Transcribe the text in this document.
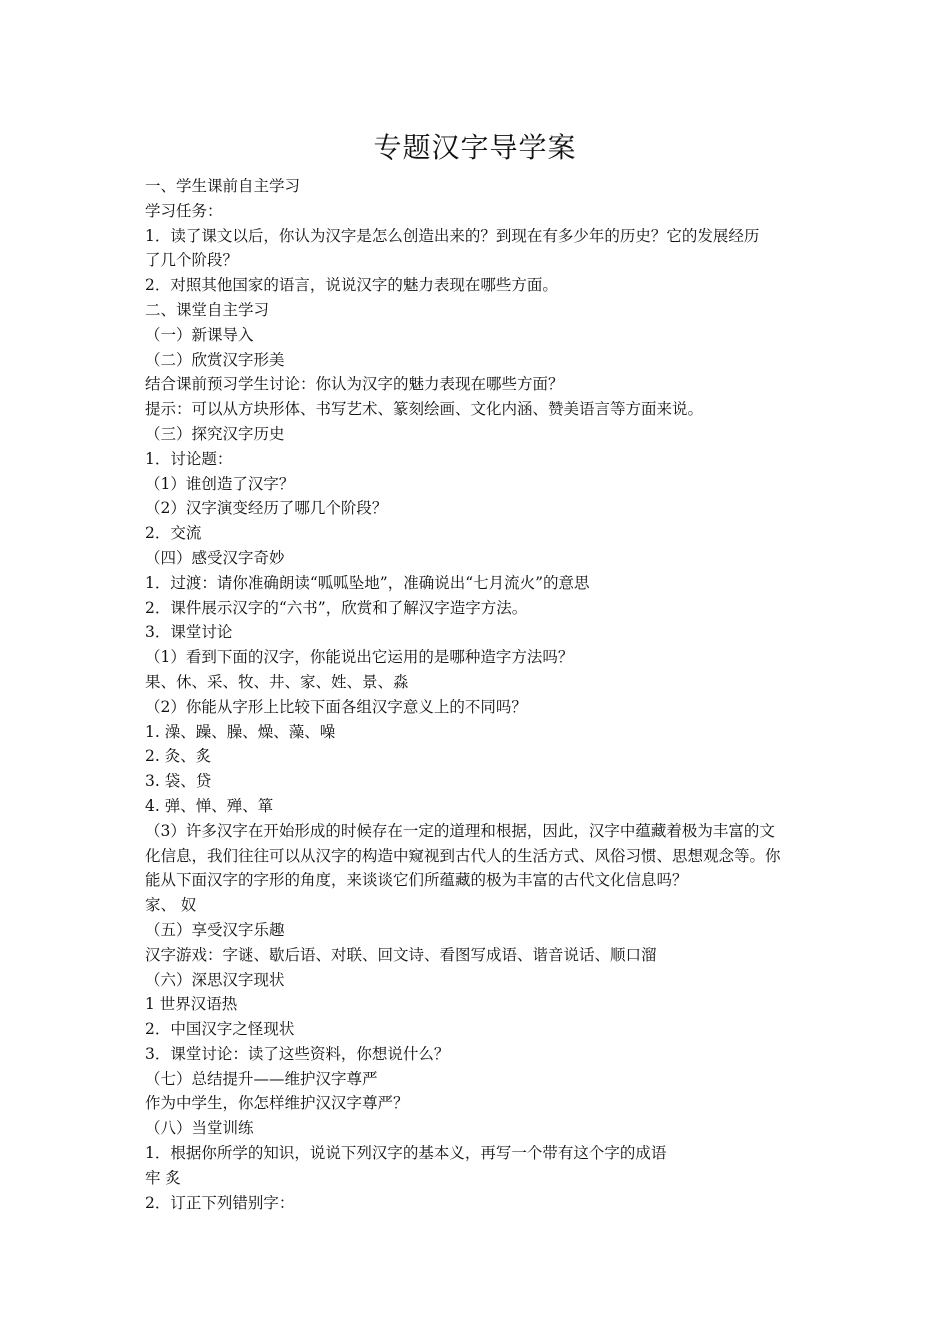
专题汉字导学案
一、学生课前自主学习
学习任务：
1．读了课文以后，你认为汉字是怎么创造出来的？到现在有多少年的历史？它的发展经历
了几个阶段？
2．对照其他国家的语言，说说汉字的魅力表现在哪些方面。
二、课堂自主学习
（一）新课导入
（二）欣赏汉字形美
结合课前预习学生讨论：你认为汉字的魅力表现在哪些方面？
提示：可以从方块形体、书写艺术、篆刻绘画、文化内涵、赞美语言等方面来说。
（三）探究汉字历史
1．讨论题：
（1）谁创造了汉字？
（2）汉字演变经历了哪几个阶段？
2．交流
（四）感受汉字奇妙
1．过渡：请你准确朗读“呱呱坠地”，准确说出“七月流火”的意思
2．课件展示汉字的“六书”，欣赏和了解汉字造字方法。
3．课堂讨论
（1）看到下面的汉字，你能说出它运用的是哪种造字方法吗？
果、休、采、牧、井、家、姓、景、淼
（2）你能从字形上比较下面各组汉字意义上的不同吗？
1. 澡、躁、臊、燥、藻、噪
2. 灸、炙
3. 袋、贷
4. 弹、惮、殚、箪
（3）许多汉字在开始形成的时候存在一定的道理和根据，因此，汉字中蕴藏着极为丰富的文
化信息，我们往往可以从汉字的构造中窥视到古代人的生活方式、风俗习惯、思想观念等。你
能从下面汉字的字形的角度，来谈谈它们所蕴藏的极为丰富的古代文化信息吗？
家、 奴
（五）享受汉字乐趣
汉字游戏：字谜、歇后语、对联、回文诗、看图写成语、谐音说话、顺口溜
（六）深思汉字现状
1 世界汉语热
2．中国汉字之怪现状
3．课堂讨论：读了这些资料，你想说什么？
（七）总结提升——维护汉字尊严
作为中学生，你怎样维护汉汉字尊严？
（八）当堂训练
1．根据你所学的知识，说说下列汉字的基本义，再写一个带有这个字的成语
牢 炙
2．订正下列错别字：
